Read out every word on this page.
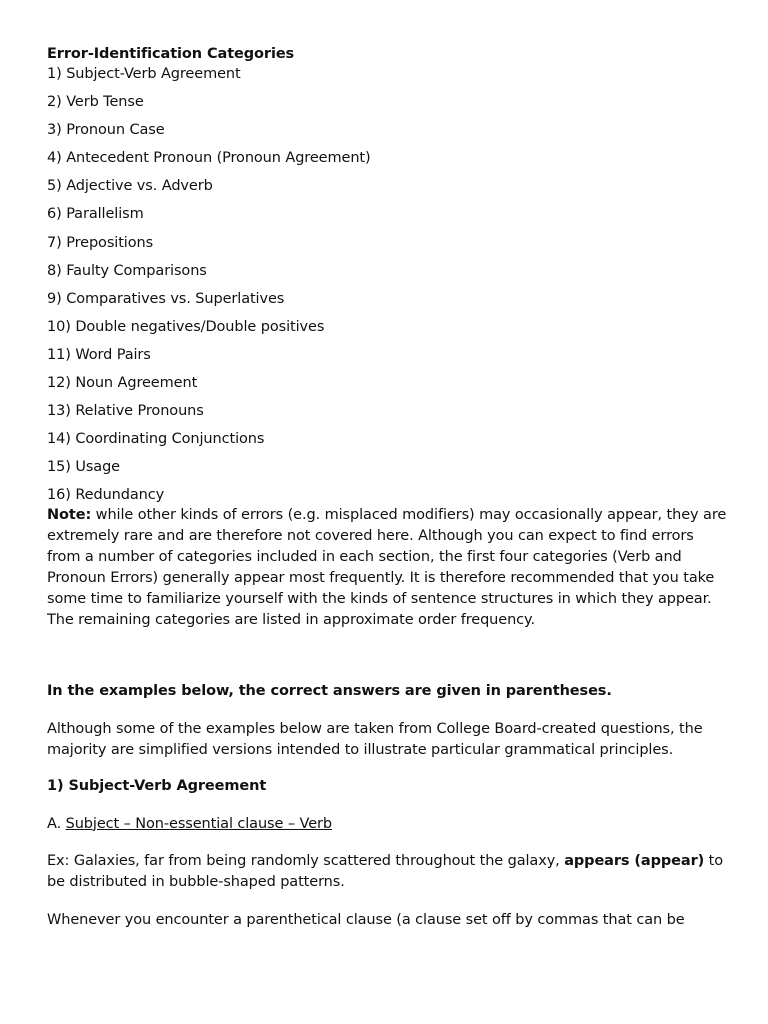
Error-Identification Categories

1) Subject-Verb Agreement
2) Verb Tense
3) Pronoun Case
4) Antecedent Pronoun (Pronoun Agreement)
5) Adjective vs. Adverb
6) Parallelism
7) Prepositions
8) Faulty Comparisons
9) Comparatives vs. Superlatives
10) Double negatives/Double positives
11) Word Pairs
12) Noun Agreement
13) Relative Pronouns
14) Coordinating Conjunctions
15) Usage
16) Redundancy

Note: while other kinds of errors (e.g. misplaced modifiers) may occasionally appear, they are extremely rare and are therefore not covered here. Although you can expect to find errors from a number of categories included in each section, the first four categories (Verb and Pronoun Errors) generally appear most frequently. It is therefore recommended that you take some time to familiarize yourself with the kinds of sentence structures in which they appear. The remaining categories are listed in approximate order frequency.

In the examples below, the correct answers are given in parentheses.

Although some of the examples below are taken from College Board-created questions, the majority are simplified versions intended to illustrate particular grammatical principles.

1) Subject-Verb Agreement

A. Subject – Non-essential clause – Verb

Ex: Galaxies, far from being randomly scattered throughout the galaxy, appears (appear) to be distributed in bubble-shaped patterns.

Whenever you encounter a parenthetical clause (a clause set off by commas that can be
